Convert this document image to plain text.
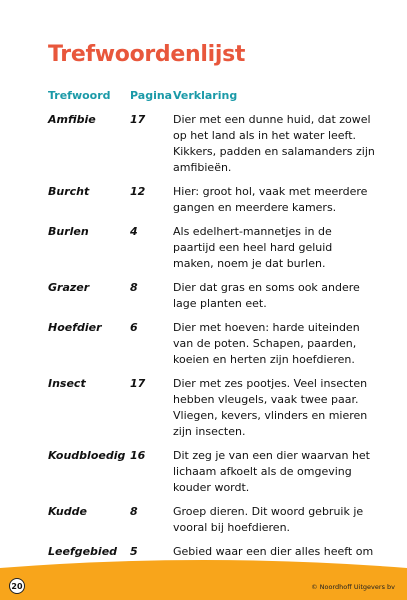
Trefwoordenlijst
Trefwoord Pagina Verklaring
Amfibie	17	Dier met een dunne huid, dat zowel
op het land als in het water leeft.
Kikkers, padden en salamanders zijn
amfibieën.
Burcht	12	Hier: groot hol, vaak met meerdere
gangen en meerdere kamers.
Burlen	4	Als edelhert-mannetjes in de
paartijd een heel hard geluid
maken, noem je dat burlen.
Grazer	8	Dier dat gras en soms ook andere
lage planten eet.
Hoefdier	6	Dier met hoeven: harde uiteinden
van de poten. Schapen, paarden,
koeien en herten zijn hoefdieren.
Insect	17	Dier met zes pootjes. Veel insecten
hebben vleugels, vaak twee paar.
Vliegen, kevers, vlinders en mieren
zijn insecten.
Koudbloedig 16	Dit zeg je van een dier waarvan het
lichaam afkoelt als de omgeving
kouder wordt.
Kudde	8	Groep dieren. Dit woord gebruik je
vooral bij hoefdieren.
Leefgebied 5	Gebied waar een dier alles heeft om
20	© Noordhoff Uitgevers bv
